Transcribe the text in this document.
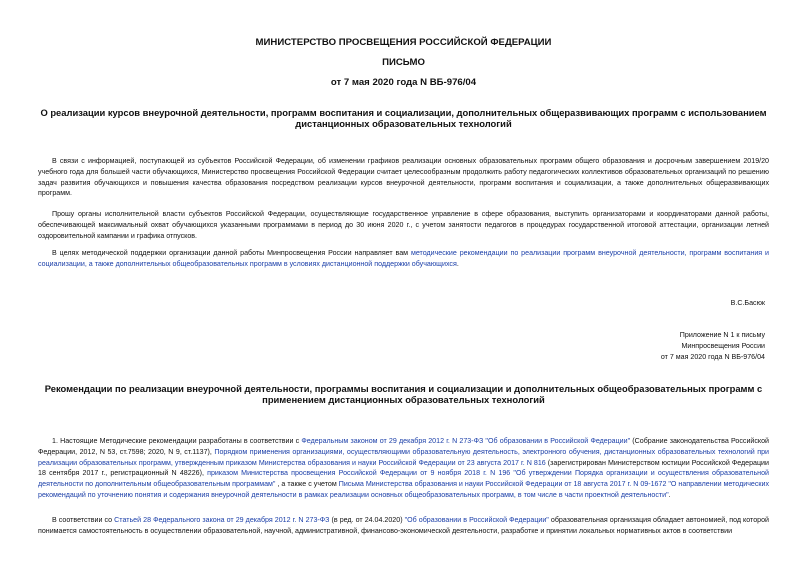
МИНИСТЕРСТВО ПРОСВЕЩЕНИЯ РОССИЙСКОЙ ФЕДЕРАЦИИ
ПИСЬМО
от 7 мая 2020 года N ВБ-976/04
О реализации курсов внеурочной деятельности, программ воспитания и социализации, дополнительных общеразвивающих программ с использованием дистанционных образовательных технологий

В связи с информацией, поступающей из субъектов Российской Федерации, об изменении графиков реализации основных образовательных программ общего образования и досрочным завершением 2019/20 учебного года для большей части обучающихся, Министерство просвещения Российской Федерации считает целесообразным продолжить работу педагогических коллективов образовательных организаций по решению задач развития обучающихся и повышения качества образования посредством реализации курсов внеурочной деятельности, программ воспитания и социализации, а также дополнительных общеразвивающих программ.

Прошу органы исполнительной власти субъектов Российской Федерации, осуществляющие государственное управление в сфере образования, выступить организаторами и координаторами данной работы, обеспечивающей максимальный охват обучающихся указанными программами в период до 30 июня 2020 г., с учетом занятости педагогов в процедурах государственной итоговой аттестации, организации летней оздоровительной кампании и графика отпусков.

В целях методической поддержки организации данной работы Минпросвещения России направляет вам методические рекомендации по реализации программ внеурочной деятельности, программ воспитания и социализации, а также дополнительных общеобразовательных программ в условиях дистанционной поддержки обучающихся.

В.С.Басюк
Приложение N 1 к письму
Минпросвещения России
от 7 мая 2020 года N ВБ-976/04
Рекомендации по реализации внеурочной деятельности, программы воспитания и социализации и дополнительных общеобразовательных программ с применением дистанционных образовательных технологий

1. Настоящие Методические рекомендации разработаны в соответствии с Федеральным законом от 29 декабря 2012 г. N 273-ФЗ "Об образовании в Российской Федерации" (Собрание законодательства Российской Федерации, 2012, N 53, ст.7598; 2020, N 9, ст.1137), Порядком применения организациями, осуществляющими образовательную деятельность, электронного обучения, дистанционных образовательных технологий при реализации образовательных программ, утвержденным приказом Министерства образования и науки Российской Федерации от 23 августа 2017 г. N 816 (зарегистрирован Министерством юстиции Российской Федерации 18 сентября 2017 г., регистрационный N 48226), приказом Министерства просвещения Российской Федерации от 9 ноября 2018 г. N 196 "Об утверждении Порядка организации и осуществления образовательной деятельности по дополнительным общеобразовательным программам" , а также с учетом Письма Министерства образования и науки Российской Федерации от 18 августа 2017 г. N 09-1672 "О направлении методических рекомендаций по уточнению понятия и содержания внеурочной деятельности в рамках реализации основных общеобразовательных программ, в том числе в части проектной деятельности".

В соответствии со Статьей 28 Федерального закона от 29 декабря 2012 г. N 273-ФЗ (в ред. от 24.04.2020) "Об образовании в Российской Федерации" образовательная организация обладает автономией, под которой понимается самостоятельность в осуществлении образовательной, научной, административной, финансово-экономической деятельности, разработке и принятии локальных нормативных актов в соответствии
